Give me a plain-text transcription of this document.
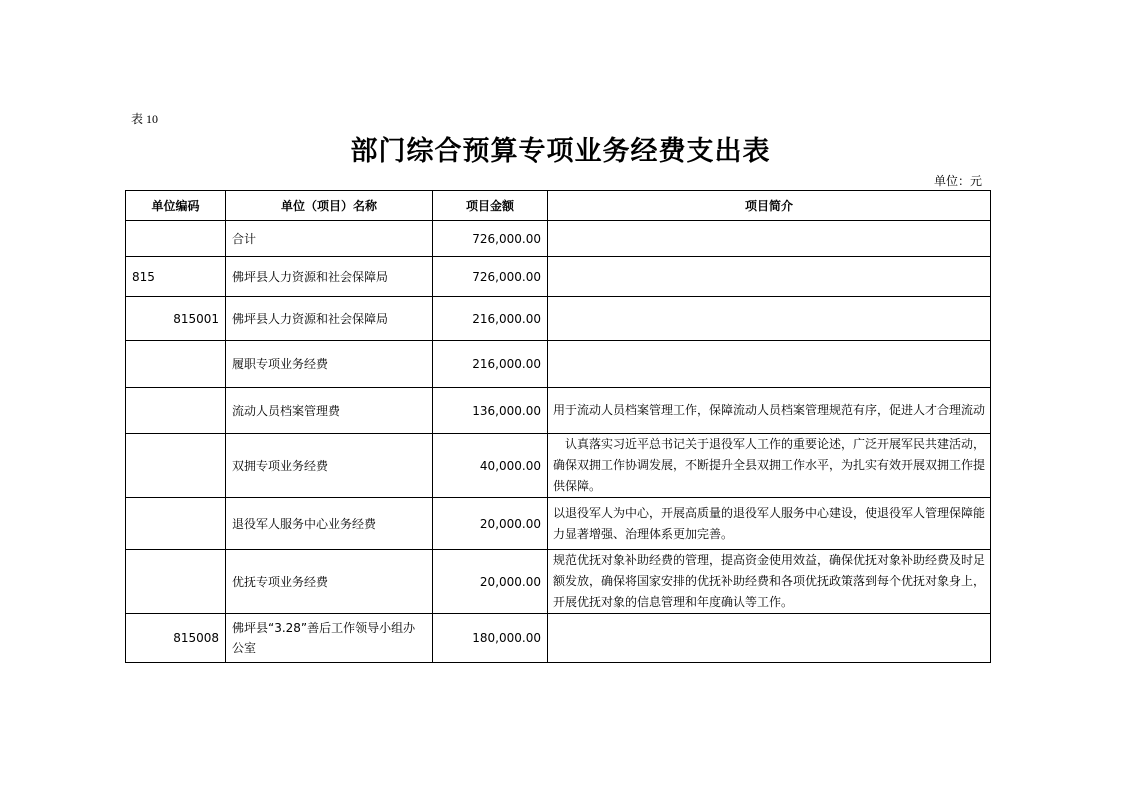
表 10
部门综合预算专项业务经费支出表
单位：元
单位编码	单位（项目）名称	项目金额	项目简介
	合计	726,000.00	
815	佛坪县人力资源和社会保障局	726,000.00	
815001	佛坪县人力资源和社会保障局	216,000.00	
	履职专项业务经费	216,000.00	
	流动人员档案管理费	136,000.00	用于流动人员档案管理工作，保障流动人员档案管理规范有序，促进人才合理流动
	双拥专项业务经费	40,000.00	　认真落实习近平总书记关于退役军人工作的重要论述，广泛开展军民共建活动，确保双拥工作协调发展，不断提升全县双拥工作水平，为扎实有效开展双拥工作提供保障。
	退役军人服务中心业务经费	20,000.00	以退役军人为中心，开展高质量的退役军人服务中心建设，使退役军人管理保障能力显著增强、治理体系更加完善。
	优抚专项业务经费	20,000.00	规范优抚对象补助经费的管理，提高资金使用效益，确保优抚对象补助经费及时足额发放，确保将国家安排的优抚补助经费和各项优抚政策落到每个优抚对象身上，开展优抚对象的信息管理和年度确认等工作。
815008	佛坪县“3.28”善后工作领导小组办公室	180,000.00	
